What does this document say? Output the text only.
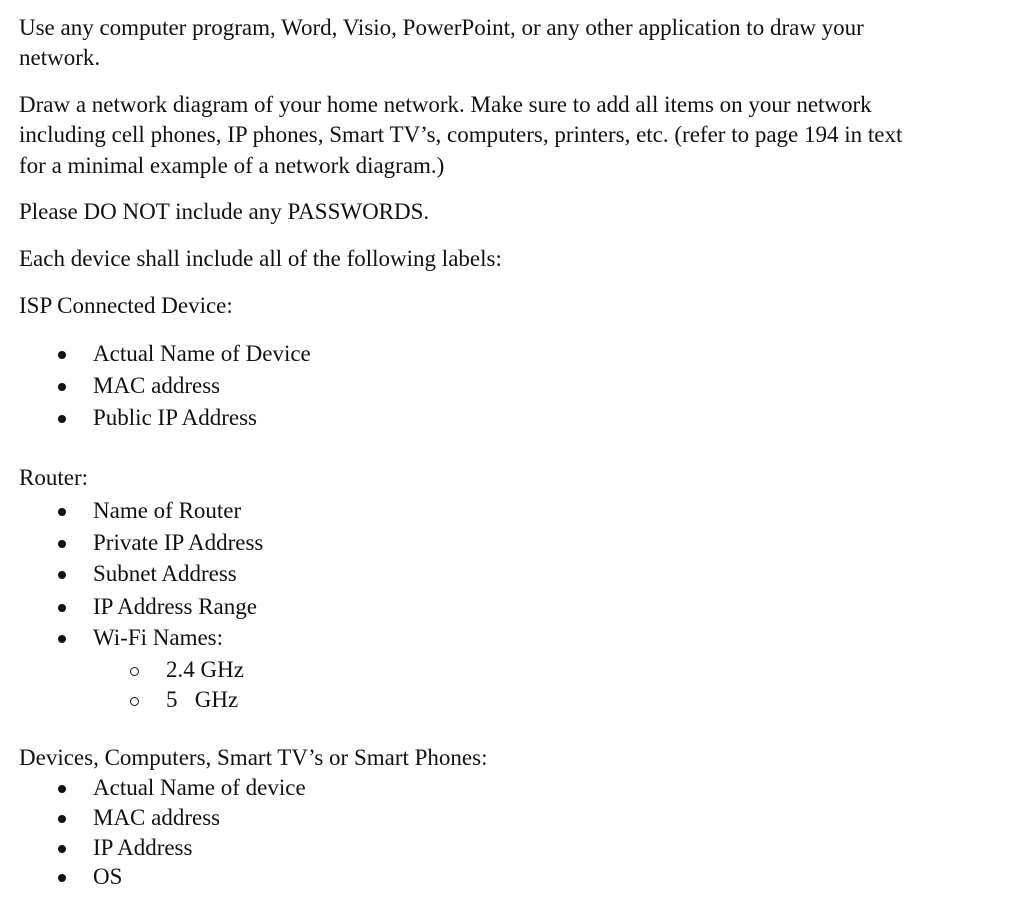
Use any computer program, Word, Visio, PowerPoint, or any other application to draw your
network.
Draw a network diagram of your home network. Make sure to add all items on your network
including cell phones, IP phones, Smart TV’s, computers, printers, etc. (refer to page 194 in text
for a minimal example of a network diagram.)
Please DO NOT include any PASSWORDS.
Each device shall include all of the following labels:
ISP Connected Device:
Actual Name of Device
MAC address
Public IP Address
Router:
Name of Router
Private IP Address
Subnet Address
IP Address Range
Wi-Fi Names:
2.4 GHz
5   GHz
Devices, Computers, Smart TV’s or Smart Phones:
Actual Name of device
MAC address
IP Address
OS
